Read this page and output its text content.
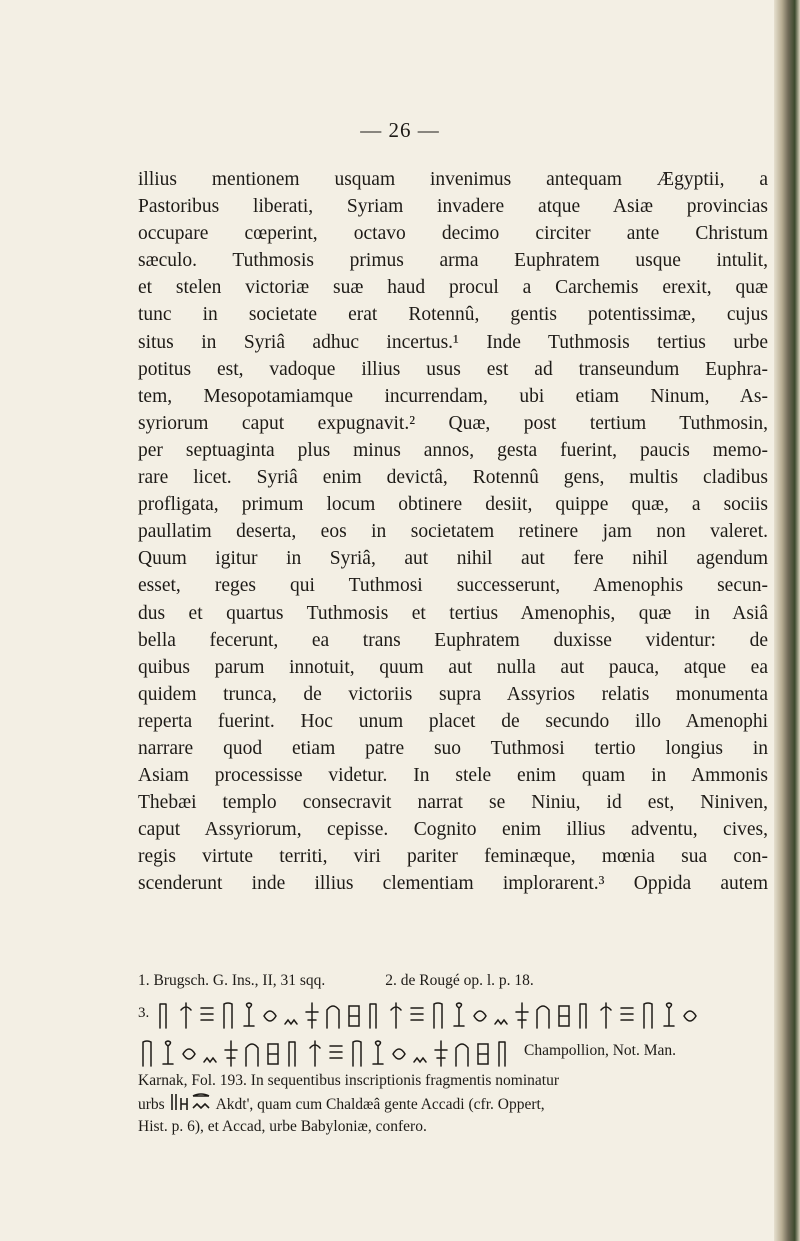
— 26 —
illius mentionem usquam invenimus antequam Ægyptii, a
Pastoribus liberati, Syriam invadere atque Asiæ provincias
occupare cœperint, octavo decimo circiter ante Christum
sæculo. Tuthmosis primus arma Euphratem usque intulit,
et stelen victoriæ suæ haud procul a Carchemis erexit, quæ
tunc in societate erat Rotennû, gentis potentissimæ, cujus
situs in Syriâ adhuc incertus.¹ Inde Tuthmosis tertius urbe
potitus est, vadoque illius usus est ad transeundum Euphra-
tem, Mesopotamiamque incurrendam, ubi etiam Ninum, As-
syriorum caput expugnavit.² Quæ, post tertium Tuthmosin,
per septuaginta plus minus annos, gesta fuerint, paucis memo-
rare licet. Syriâ enim devictâ, Rotennû gens, multis cladibus
profligata, primum locum obtinere desiit, quippe quæ, a sociis
paullatim deserta, eos in societatem retinere jam non valeret.
Quum igitur in Syriâ, aut nihil aut fere nihil agendum
esset, reges qui Tuthmosi successerunt, Amenophis secun-
dus et quartus Tuthmosis et tertius Amenophis, quæ in Asiâ
bella fecerunt, ea trans Euphratem duxisse videntur: de
quibus parum innotuit, quum aut nulla aut pauca, atque ea
quidem trunca, de victoriis supra Assyrios relatis monumenta
reperta fuerint. Hoc unum placet de secundo illo Amenophi
narrare quod etiam patre suo Tuthmosi tertio longius in
Asiam processisse videtur. In stele enim quam in Ammonis
Thebæi templo consecravit narrat se Niniu, id est, Niniven,
caput Assyriorum, cepisse. Cognito enim illius adventu, cives,
regis virtute territi, viri pariter feminæque, mœnia sua con-
scenderunt inde illius clementiam implorarent.³ Oppida autem
1. Brugsch. G. Ins., II, 31 sqq.	2. de Rougé op. l. p. 18.
3.
Champollion, Not. Man.
Karnak, Fol. 193. In sequentibus inscriptionis fragmentis nominatur
urbs	Akdt', quam cum Chaldæâ gente Accadi (cfr. Oppert,
Hist. p. 6), et Accad, urbe Babyloniæ, confero.
